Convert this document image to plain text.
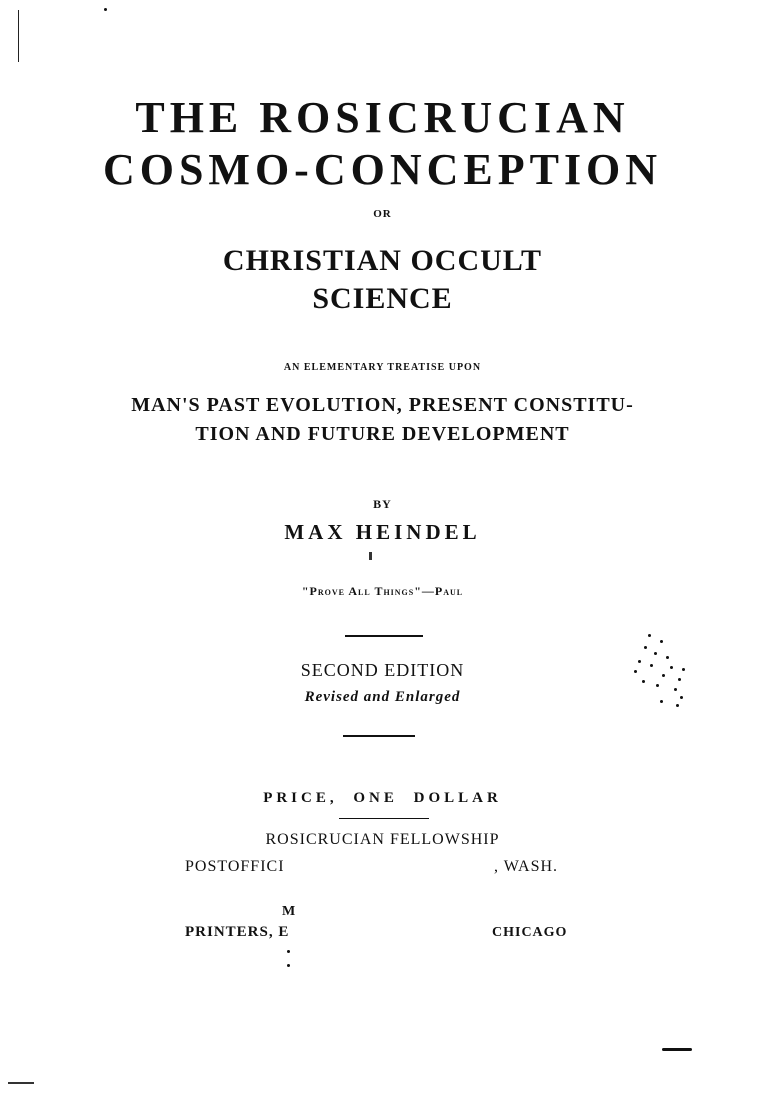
THE ROSICRUCIAN
COSMO-CONCEPTION
OR
CHRISTIAN OCCULT
SCIENCE
AN ELEMENTARY TREATISE UPON
MAN'S PAST EVOLUTION, PRESENT CONSTITU-
TION AND FUTURE DEVELOPMENT
BY
MAX HEINDEL
"Prove All Things"—Paul
SECOND EDITION
Revised and Enlarged
PRICE, ONE DOLLAR
ROSICRUCIAN FELLOWSHIP
POSTOFFICI	, WASH.
M
PRINTERS, E	CHICAGO
